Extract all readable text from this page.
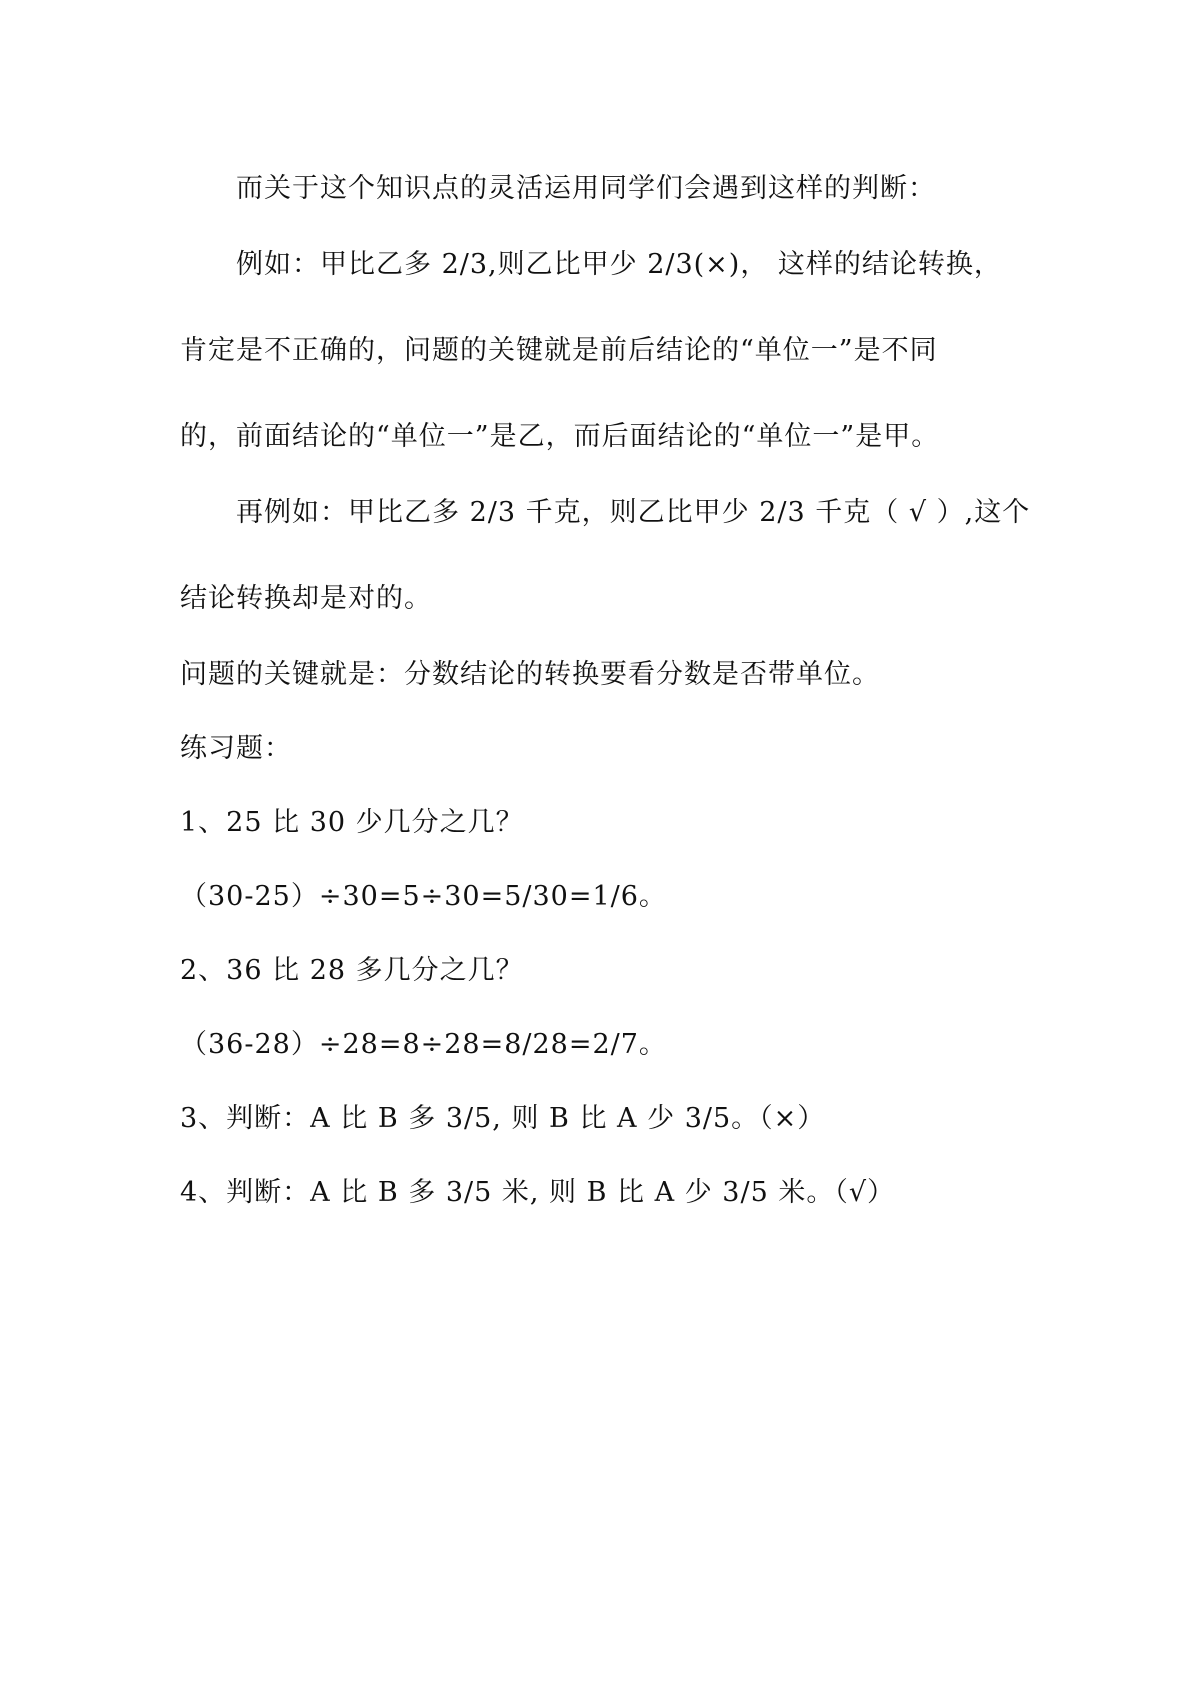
而关于这个知识点的灵活运用同学们会遇到这样的判断：
例如：甲比乙多 2/3,则乙比甲少 2/3(×)， 这样的结论转换，
肯定是不正确的，问题的关键就是前后结论的“单位一”是不同
的，前面结论的“单位一”是乙，而后面结论的“单位一”是甲。
再例如：甲比乙多 2/3 千克，则乙比甲少 2/3 千克（ √ ）,这个
结论转换却是对的。
问题的关键就是：分数结论的转换要看分数是否带单位。
练习题：
1、25 比 30 少几分之几？
（30-25）÷30=5÷30=5/30=1/6。
2、36 比 28 多几分之几？
（36-28）÷28=8÷28=8/28=2/7。
3、判断：A 比 B 多 3/5, 则 B 比 A 少 3/5。（×）
4、判断：A 比 B 多 3/5 米, 则 B 比 A 少 3/5 米。（√）
